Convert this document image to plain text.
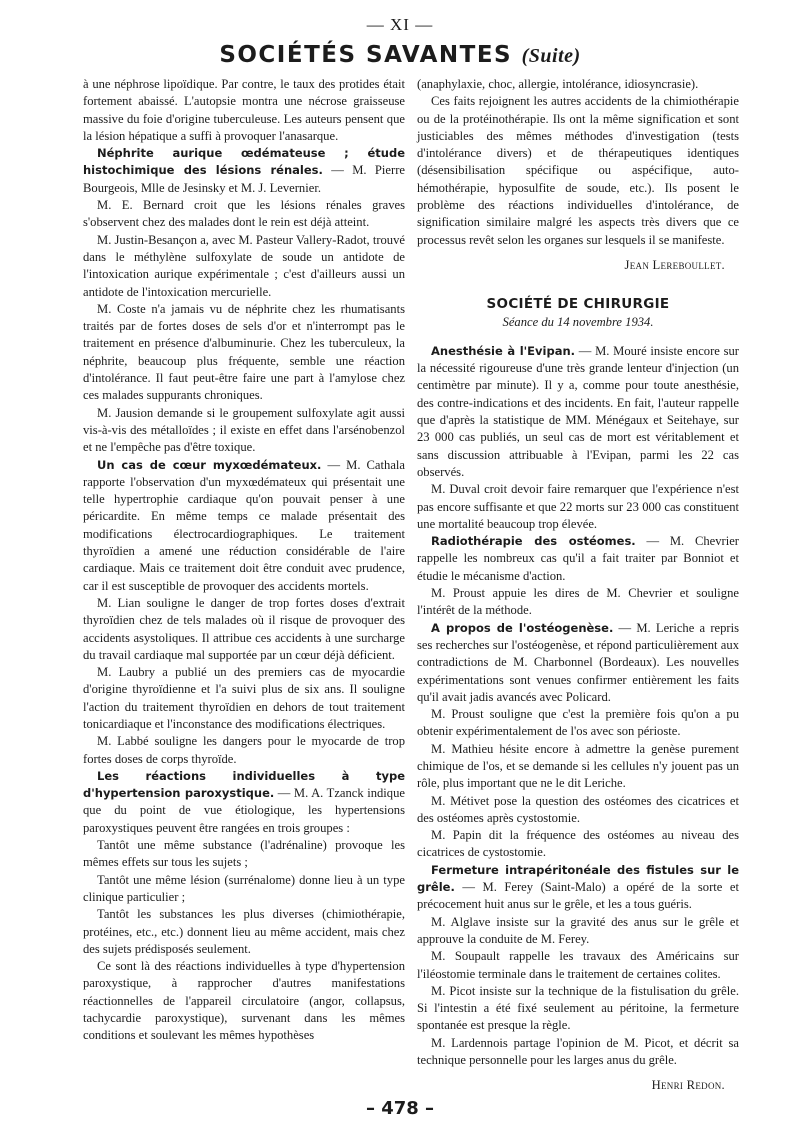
— XI —
SOCIÉTÉS SAVANTES (Suite)

à une néphrose lipoïdique. Par contre, le taux des protides était fortement abaissé. L'autopsie montra une nécrose graisseuse massive du foie d'origine tuberculeuse. Les auteurs pensent que la lésion hépatique a suffi à provoquer l'anasarque.

Néphrite aurique œdémateuse ; étude histochimique des lésions rénales. — M. Pierre Bourgeois, Mlle de Jesinsky et M. J. Levernier.

M. E. Bernard croit que les lésions rénales graves s'observent chez des malades dont le rein est déjà atteint.

M. Justin-Besançon a, avec M. Pasteur Vallery-Radot, trouvé dans le méthylène sulfoxylate de soude un antidote de l'intoxication aurique expérimentale ; c'est d'ailleurs aussi un antidote de l'intoxication mercurielle.

M. Coste n'a jamais vu de néphrite chez les rhumatisants traités par de fortes doses de sels d'or et n'interrompt pas le traitement en présence d'albuminurie. Chez les tuberculeux, la néphrite, beaucoup plus fréquente, semble une réaction d'intolérance. Il faut peut-être faire une part à l'amylose chez ces malades suppurants chroniques.

M. Jausion demande si le groupement sulfoxylate agit aussi vis-à-vis des métalloïdes ; il existe en effet dans l'arsénobenzol et ne l'empêche pas d'être toxique.

Un cas de cœur myxœdémateux. — M. Cathala rapporte l'observation d'un myxœdémateux qui présentait une telle hypertrophie cardiaque qu'on pouvait penser à une péricardite. En même temps ce malade présentait des modifications électrocardiographiques. Le traitement thyroïdien a amené une réduction considérable de l'aire cardiaque. Mais ce traitement doit être conduit avec prudence, car il est susceptible de provoquer des accidents mortels.

M. Lian souligne le danger de trop fortes doses d'extrait thyroïdien chez de tels malades où il risque de provoquer des accidents asystoliques. Il attribue ces accidents à une surcharge du travail cardiaque mal supportée par un cœur déjà déficient.

M. Laubry a publié un des premiers cas de myocardie d'origine thyroïdienne et l'a suivi plus de six ans. Il souligne l'action du traitement thyroïdien en dehors de tout traitement tonicardiaque et l'inconstance des modifications électriques.

M. Labbé souligne les dangers pour le myocarde de trop fortes doses de corps thyroïde.

Les réactions individuelles à type d'hypertension paroxystique. — M. A. Tzanck indique que du point de vue étiologique, les hypertensions paroxystiques peuvent être rangées en trois groupes :

Tantôt une même substance (l'adrénaline) provoque les mêmes effets sur tous les sujets ;

Tantôt une même lésion (surrénalome) donne lieu à un type clinique particulier ;

Tantôt les substances les plus diverses (chimiothérapie, protéines, etc., etc.) donnent lieu au même accident, mais chez des sujets prédisposés seulement.

Ce sont là des réactions individuelles à type d'hypertension paroxystique, à rapprocher d'autres manifestations réactionnelles de l'appareil circulatoire (angor, collapsus, tachycardie paroxystique), survenant dans les mêmes conditions et soulevant les mêmes hypothèses

(anaphylaxie, choc, allergie, intolérance, idiosyncrasie).

Ces faits rejoignent les autres accidents de la chimiothérapie ou de la protéinothérapie. Ils ont la même signification et sont justiciables des mêmes méthodes d'investigation (tests d'intolérance divers) et de thérapeutiques identiques (désensibilisation spécifique ou aspécifique, auto-hémothérapie, hyposulfite de soude, etc.). Ils posent le problème des réactions individuelles d'intolérance, de signification similaire malgré les aspects très divers que ce processus revêt selon les organes sur lesquels il se manifeste.

Jean Lereboullet.

SOCIÉTÉ DE CHIRURGIE
Séance du 14 novembre 1934.

Anesthésie à l'Evipan. — M. Mouré insiste encore sur la nécessité rigoureuse d'une très grande lenteur d'injection (un centimètre par minute). Il y a, comme pour toute anesthésie, des contre-indications et des incidents. En fait, l'auteur rappelle que d'après la statistique de MM. Ménégaux et Seitehaye, sur 23 000 cas publiés, un seul cas de mort est véritablement et sans discussion attribuable à l'Evipan, parmi les 22 cas observés.

M. Duval croit devoir faire remarquer que l'expérience n'est pas encore suffisante et que 22 morts sur 23 000 cas constituent une mortalité beaucoup trop élevée.

Radiothérapie des ostéomes. — M. Chevrier rappelle les nombreux cas qu'il a fait traiter par Bonniot et étudie le mécanisme d'action.

M. Proust appuie les dires de M. Chevrier et souligne l'intérêt de la méthode.

A propos de l'ostéogenèse. — M. Leriche a repris ses recherches sur l'ostéogenèse, et répond particulièrement aux contradictions de M. Charbonnel (Bordeaux). Les nouvelles expérimentations sont venues confirmer entièrement les faits qu'il avait jadis avancés avec Policard.

M. Proust souligne que c'est la première fois qu'on a pu obtenir expérimentalement de l'os avec son périoste.

M. Mathieu hésite encore à admettre la genèse purement chimique de l'os, et se demande si les cellules n'y jouent pas un rôle, plus important que ne le dit Leriche.

M. Métivet pose la question des ostéomes des cicatrices et des ostéomes après cystostomie.

M. Papin dit la fréquence des ostéomes au niveau des cicatrices de cystostomie.

Fermeture intrapéritonéale des fistules sur le grêle. — M. Ferey (Saint-Malo) a opéré de la sorte et précocement huit anus sur le grêle, et les a tous guéris.

M. Alglave insiste sur la gravité des anus sur le grêle et approuve la conduite de M. Ferey.

M. Soupault rappelle les travaux des Américains sur l'iléostomie terminale dans le traitement de certaines colites.

M. Picot insiste sur la technique de la fistulisation du grêle. Si l'intestin a été fixé seulement au péritoine, la fermeture spontanée est presque la règle.

M. Lardennois partage l'opinion de M. Picot, et décrit sa technique personnelle pour les larges anus du grêle.

Henri Redon.

– 478 –
